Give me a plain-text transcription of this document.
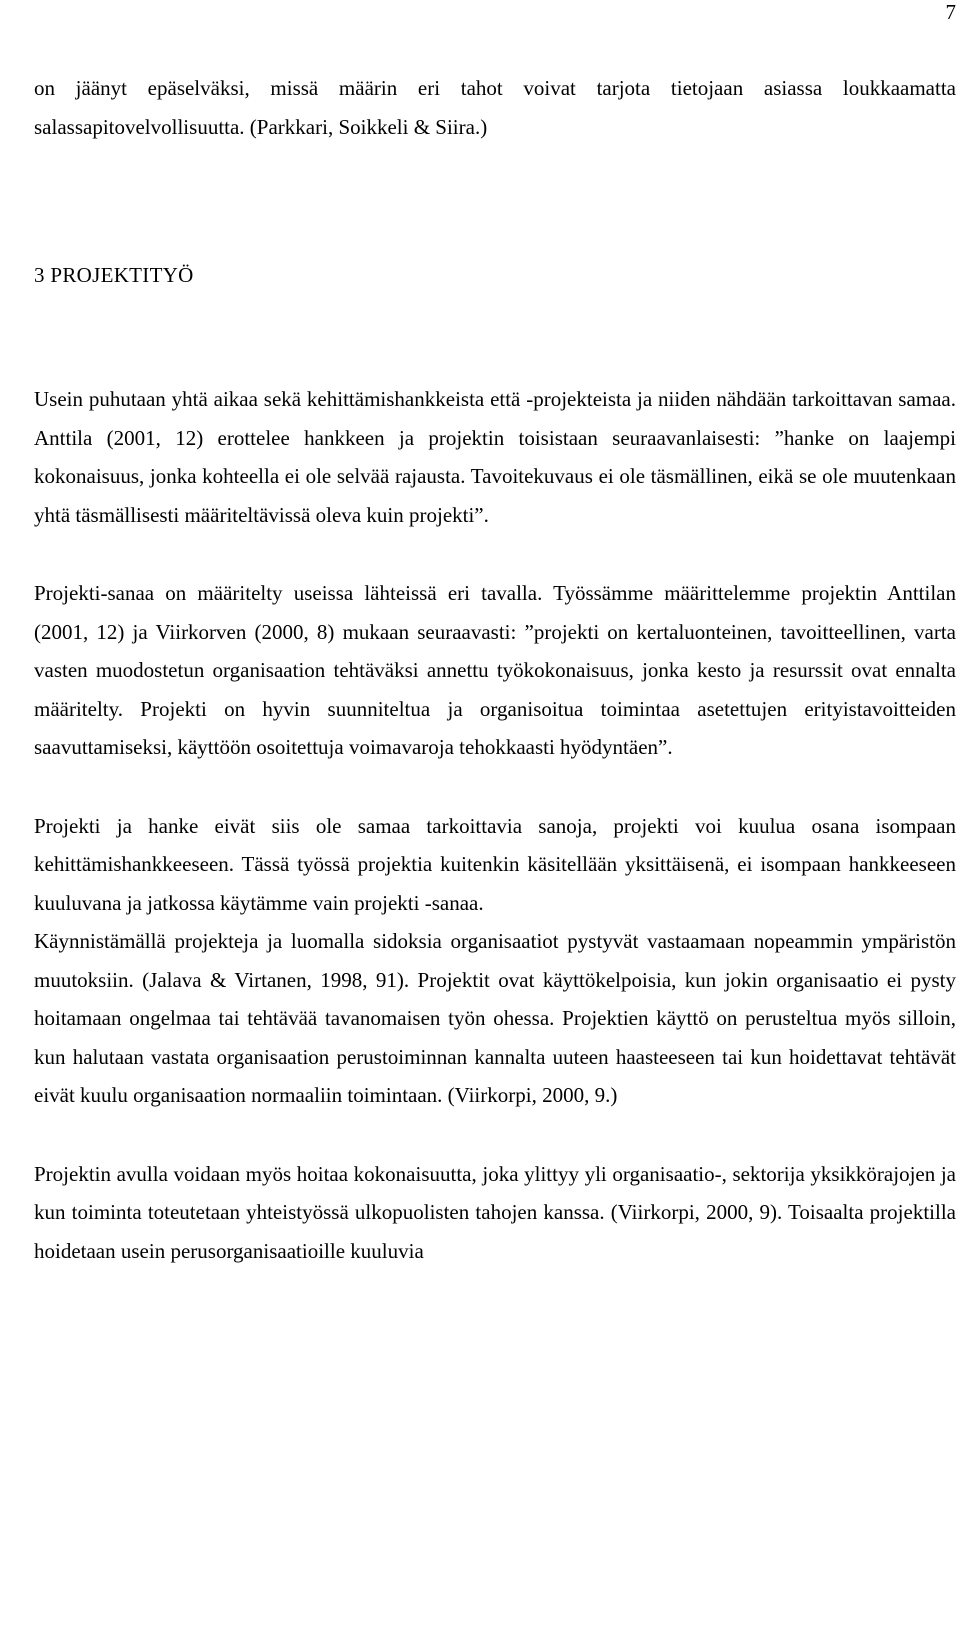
7

on jäänyt epäselväksi, missä määrin eri tahot voivat tarjota tietojaan asiassa loukkaamatta salassapitovelvollisuutta. (Parkkari, Soikkeli & Siira.)

3 PROJEKTITYÖ

Usein puhutaan yhtä aikaa sekä kehittämishankkeista että -projekteista ja niiden nähdään tarkoittavan samaa. Anttila (2001, 12) erottelee hankkeen ja projektin toisistaan seuraavanlaisesti: ”hanke on laajempi kokonaisuus, jonka kohteella ei ole selvää rajausta. Tavoitekuvaus ei ole täsmällinen, eikä se ole muutenkaan yhtä täsmällisesti määriteltävissä oleva kuin projekti”.

Projekti-sanaa on määritelty useissa lähteissä eri tavalla. Työssämme määrittelemme projektin Anttilan (2001, 12) ja Viirkorven (2000, 8) mukaan seuraavasti: ”projekti on kertaluonteinen, tavoitteellinen, varta vasten muodostetun organisaation tehtäväksi annettu työkokonaisuus, jonka kesto ja resurssit ovat ennalta määritelty. Projekti on hyvin suunniteltua ja organisoitua toimintaa asetettujen erityistavoitteiden saavuttamiseksi, käyttöön osoitettuja voimavaroja tehokkaasti hyödyntäen”.

Projekti ja hanke eivät siis ole samaa tarkoittavia sanoja, projekti voi kuulua osana isompaan kehittämishankkeeseen. Tässä työssä projektia kuitenkin käsitellään yksittäisenä, ei isompaan hankkeeseen kuuluvana ja jatkossa käytämme vain projekti -sanaa.

Käynnistämällä projekteja ja luomalla sidoksia organisaatiot pystyvät vastaamaan nopeammin ympäristön muutoksiin. (Jalava & Virtanen, 1998, 91). Projektit ovat käyttökelpoisia, kun jokin organisaatio ei pysty hoitamaan ongelmaa tai tehtävää tavanomaisen työn ohessa. Projektien käyttö on perusteltua myös silloin, kun halutaan vastata organisaation perustoiminnan kannalta uuteen haasteeseen tai kun hoidettavat tehtävät eivät kuulu organisaation normaaliin toimintaan. (Viirkorpi, 2000, 9.)

Projektin avulla voidaan myös hoitaa kokonaisuutta, joka ylittyy yli organisaatio-, sektorija yksikkörajojen ja kun toiminta toteutetaan yhteistyössä ulkopuolisten tahojen kanssa. (Viirkorpi, 2000, 9). Toisaalta projektilla hoidetaan usein perusorganisaatioille kuuluvia
